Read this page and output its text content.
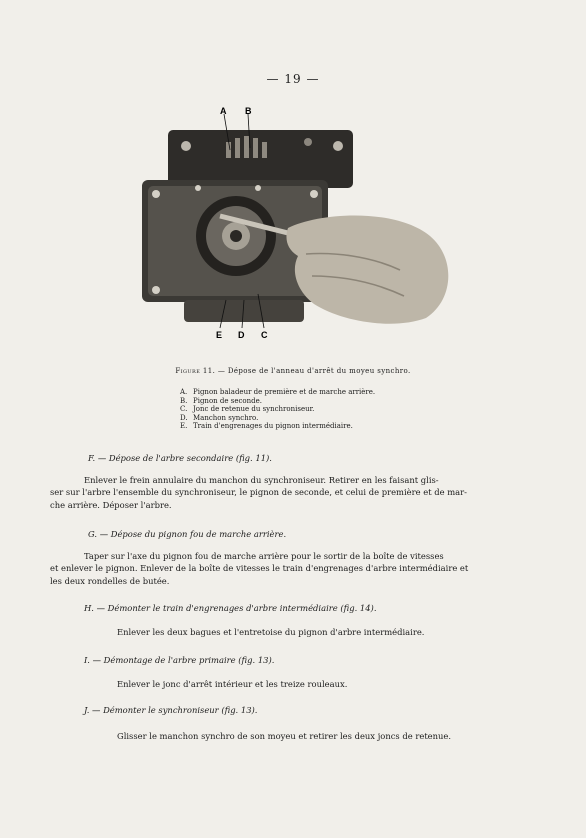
— 19 —
A B
E D C
Figure 11. — Dépose de l'anneau d'arrêt du moyeu synchro.
A. Pignon baladeur de première et de marche arrière.
B. Pignon de seconde.
C. Jonc de retenue du synchroniseur.
D. Manchon synchro.
E. Train d'engrenages du pignon intermédiaire.
F. — Dépose de l'arbre secondaire (fig. 11).
Enlever le frein annulaire du manchon du synchroniseur. Retirer en les faisant glis-
ser sur l'arbre l'ensemble du synchroniseur, le pignon de seconde, et celui de première et de mar-
che arrière. Déposer l'arbre.
G. — Dépose du pignon fou de marche arrière.
Taper sur l'axe du pignon fou de marche arrière pour le sortir de la boîte de vitesses
et enlever le pignon. Enlever de la boîte de vitesses le train d'engrenages d'arbre intermédiaire et
les deux rondelles de butée.
H. — Démonter le train d'engrenages d'arbre intermédiaire (fig. 14).
Enlever les deux bagues et l'entretoise du pignon d'arbre intermédiaire.
I. — Démontage de l'arbre primaire (fig. 13).
Enlever le jonc d'arrêt intérieur et les treize rouleaux.
J. — Démonter le synchroniseur (fig. 13).
Glisser le manchon synchro de son moyeu et retirer les deux joncs de retenue.
